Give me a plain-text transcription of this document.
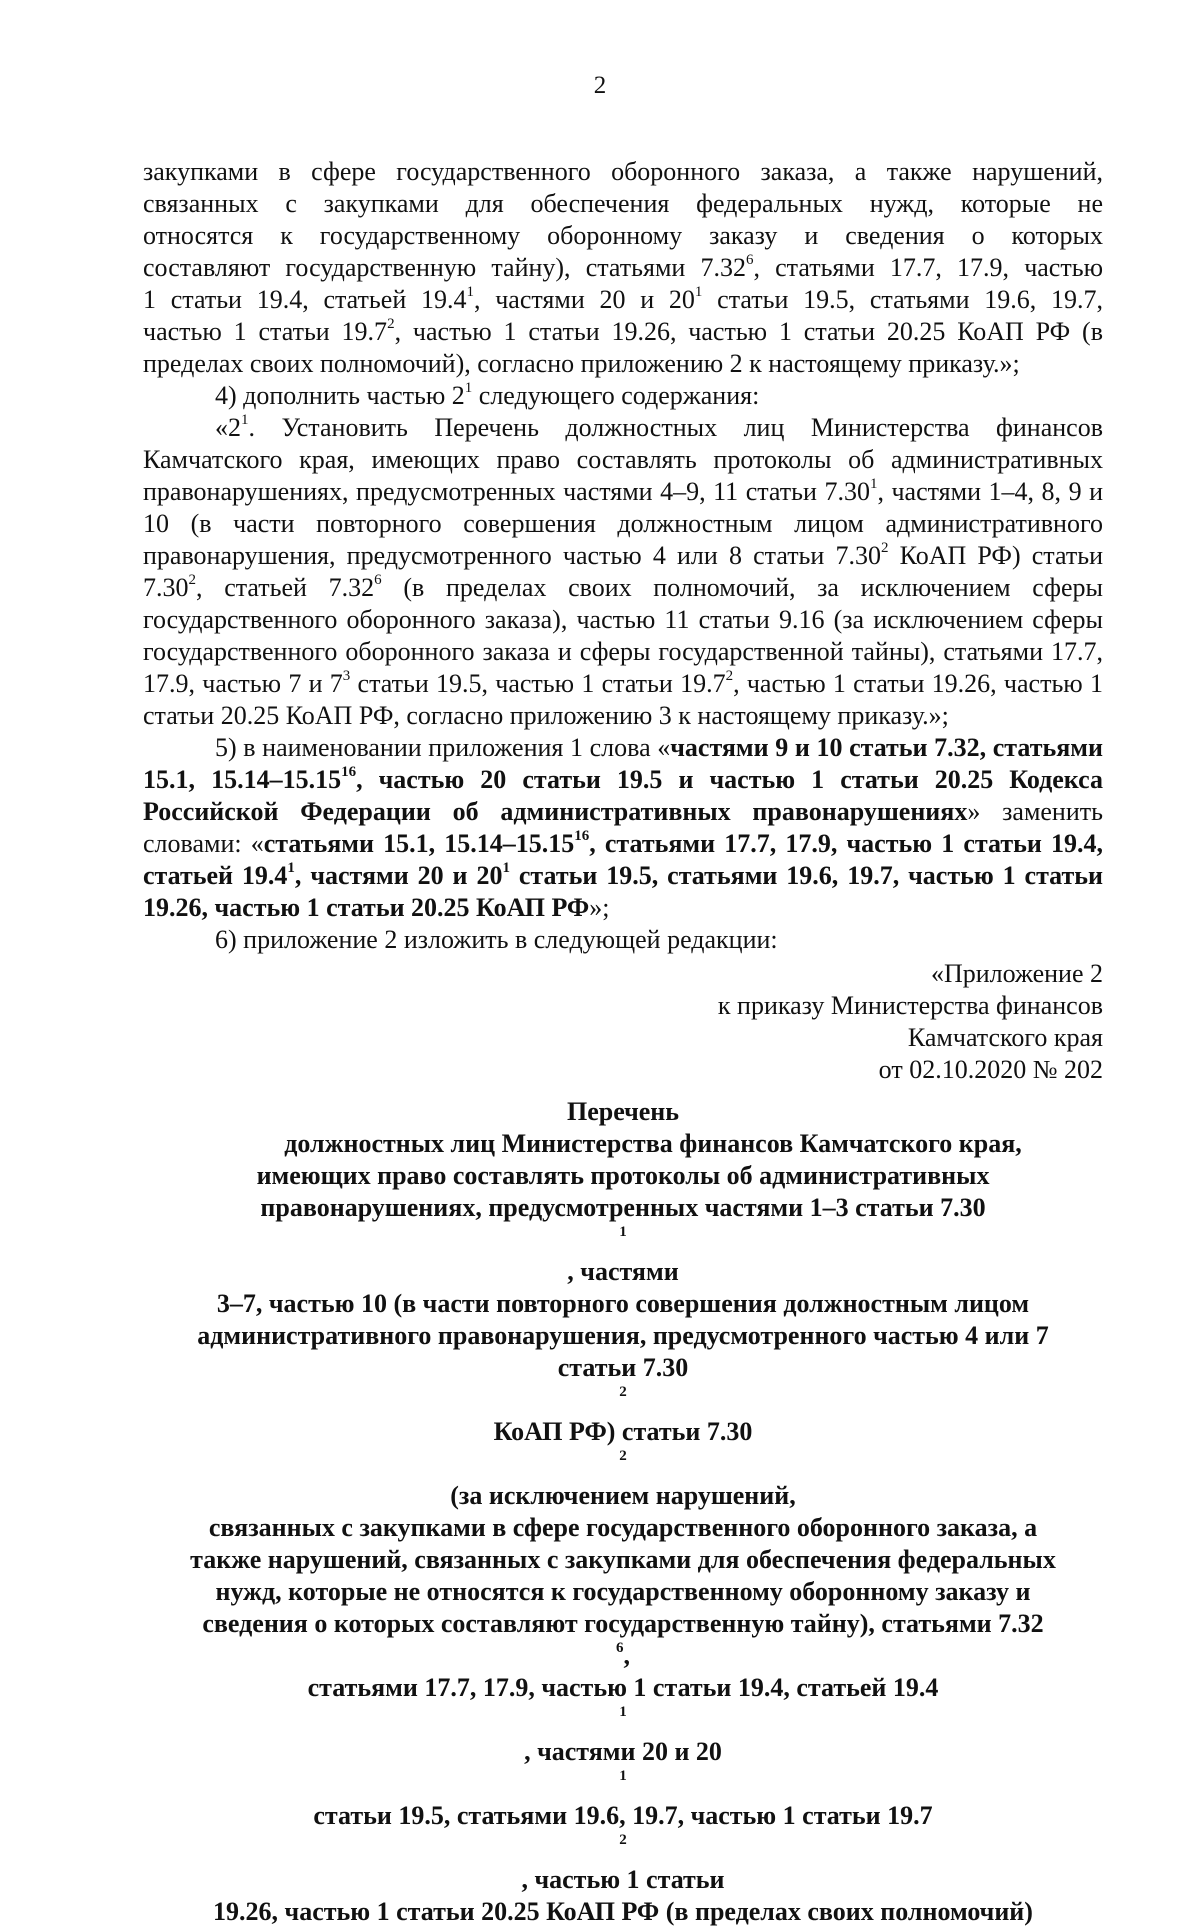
2

закупками в сфере государственного оборонного заказа, а также нарушений,

связанных с закупками для обеспечения федеральных нужд, которые не

относятся к государственному оборонному заказу и сведения о которых

составляют государственную тайну), статьями 7.32$^6$, статьями 17.7, 17.9, частью

1 статьи 19.4, статьей 19.4$^1$, частями 20 и $20^1$ статьи 19.5, статьями 19.6, 19.7,

частью 1 статьи 19.7$^2$, частью 1 статьи 19.26, частью 1 статьи 20.25 КоАП РФ (в

пределах своих полномочий), согласно приложению 2 к настоящему приказу.»;

4) дополнить частью $2^1$ следующего содержания:

«$2^1$. Установить Перечень должностных лиц Министерства финансов Камчатского края, имеющих право составлять протоколы об административных правонарушениях, предусмотренных частями 4–9, 11 статьи 7.30$^1$, частями 1–4, 8, 9 и 10 (в части повторного совершения должностным лицом административного правонарушения, предусмотренного частью 4 или 8 статьи 7.30$^2$ КоАП РФ) статьи 7.30$^2$, статьей 7.32$^6$ (в пределах своих полномочий, за исключением сферы государственного оборонного заказа), частью 11 статьи 9.16 (за исключением сферы государственного оборонного заказа и сферы государственной тайны), статьями 17.7, 17.9, частью 7 и $7^3$ статьи 19.5, частью 1 статьи 19.7$^2$, частью 1 статьи 19.26, частью 1 статьи 20.25 КоАП РФ, согласно приложению 3 к настоящему приказу.»;

5) в наименовании приложения 1 слова «частями 9 и 10 статьи 7.32, статьями 15.1, 15.14–15.15$^{16}$, частью 20 статьи 19.5 и частью 1 статьи 20.25 Кодекса Российской Федерации об административных правонарушениях» заменить словами: «статьями 15.1, 15.14–15.15$^{16}$, статьями 17.7, 17.9, частью 1 статьи 19.4, статьей 19.4$^1$, частями 20 и $20^1$ статьи 19.5, статьями 19.6, 19.7, частью 1 статьи 19.26, частью 1 статьи 20.25 КоАП РФ»;

6) приложение 2 изложить в следующей редакции:

«Приложение 2
к приказу Министерства финансов
Камчатского края
от 02.10.2020 № 202
Перечень
должностных лиц Министерства финансов Камчатского края,
имеющих право составлять протоколы об административных
правонарушениях, предусмотренных частями 1–3 статьи 7.30
$^1$
, частями
3–7, частью 10 (в части повторного совершения должностным лицом
административного правонарушения, предусмотренного частью 4 или 7
статьи 7.30
$^2$
КоАП РФ) статьи 7.30
$^2$
(за исключением нарушений,
связанных с закупками в сфере государственного оборонного заказа, а
также нарушений, связанных с закупками для обеспечения федеральных
нужд, которые не относятся к государственному оборонному заказу и
сведения о которых составляют государственную тайну), статьями 7.32
$^6$,
статьями 17.7, 17.9, частью 1 статьи 19.4, статьей 19.4
$^1$
, частями 20 и 20
$^1$
статьи 19.5, статьями 19.6, 19.7, частью 1 статьи 19.7
$^2$
, частью 1 статьи
19.26, частью 1 статьи 20.25 КоАП РФ (в пределах своих полномочий)
